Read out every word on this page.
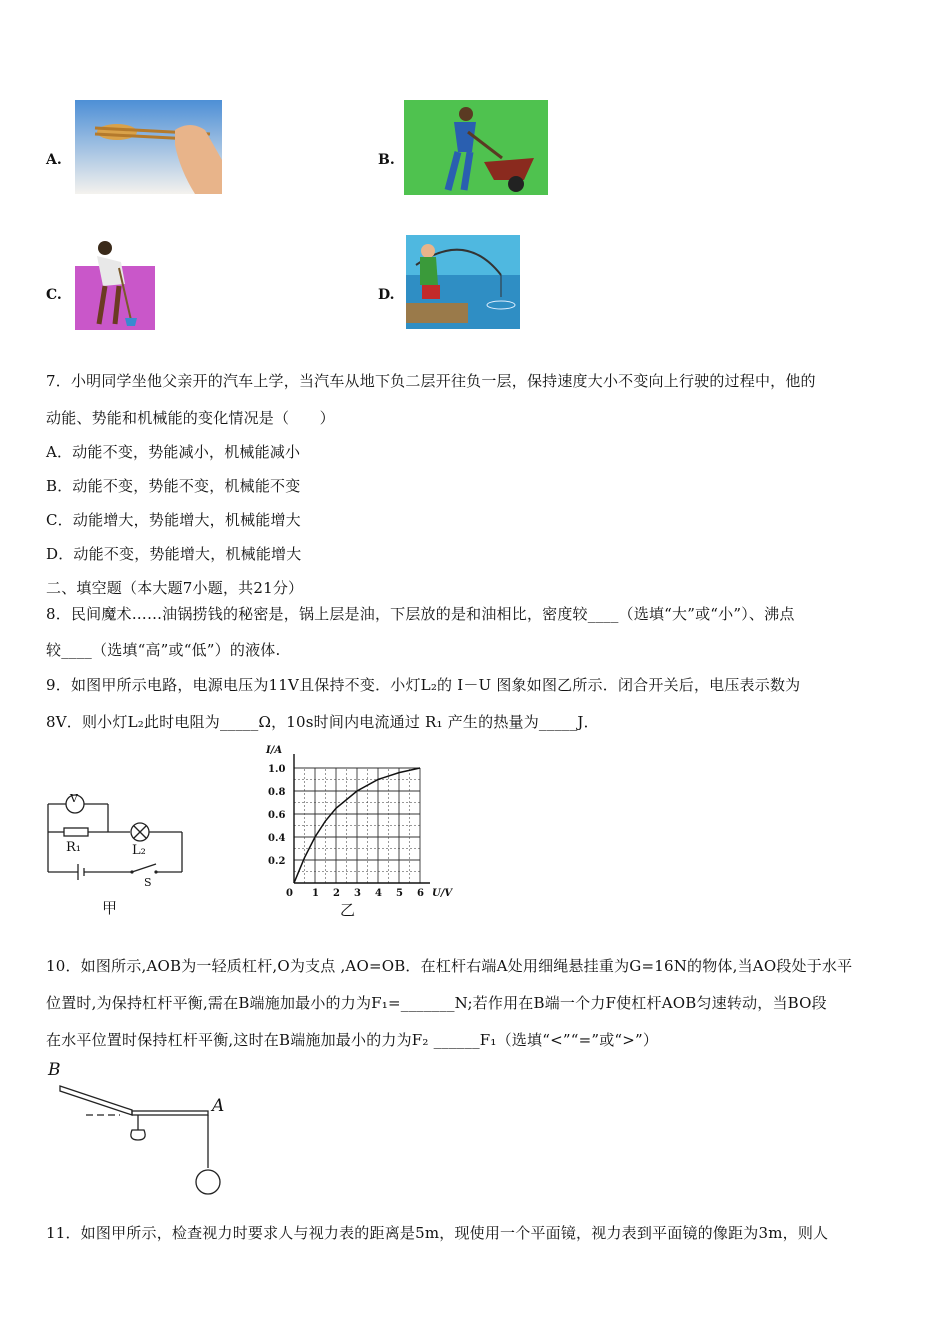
A.	B.
C.	D.
7．小明同学坐他父亲开的汽车上学，当汽车从地下负二层开往负一层，保持速度大小不变向上行驶的过程中，他的
动能、势能和机械能的变化情况是（　　）
A．动能不变，势能减小，机械能减小
B．动能不变，势能不变，机械能不变
C．动能增大，势能增大，机械能增大
D．动能不变，势能增大，机械能增大
二、填空题（本大题7小题，共21分）
8．民间魔术……油锅捞钱的秘密是，锅上层是油，下层放的是和油相比，密度较____（选填“大”或“小”）、沸点
较____（选填“高”或“低”）的液体.
9．如图甲所示电路，电源电压为11V且保持不变．小灯L₂的 I－U 图象如图乙所示．闭合开关后，电压表示数为
8V．则小灯L₂此时电阻为_____Ω，10s时间内电流通过 R₁ 产生的热量为_____J．
V
R₁	L₂
S
甲
0 1 2 3 4 5 6
0.2
0.4
0.6
0.8
1.0
U/V
I/A
乙
10．如图所示,AOB为一轻质杠杆,O为支点 ,AO=OB．在杠杆右端A处用细绳悬挂重为G=16N的物体,当AO段处于水平
位置时,为保持杠杆平衡,需在B端施加最小的力为F₁=_______N;若作用在B端一个力F使杠杆AOB匀速转动，当BO段
在水平位置时保持杠杆平衡,这时在B端施加最小的力为F₂ ______F₁（选填“<”“=”或“>”）
B
A
11．如图甲所示，检查视力时要求人与视力表的距离是5m，现使用一个平面镜，视力表到平面镜的像距为3m，则人
